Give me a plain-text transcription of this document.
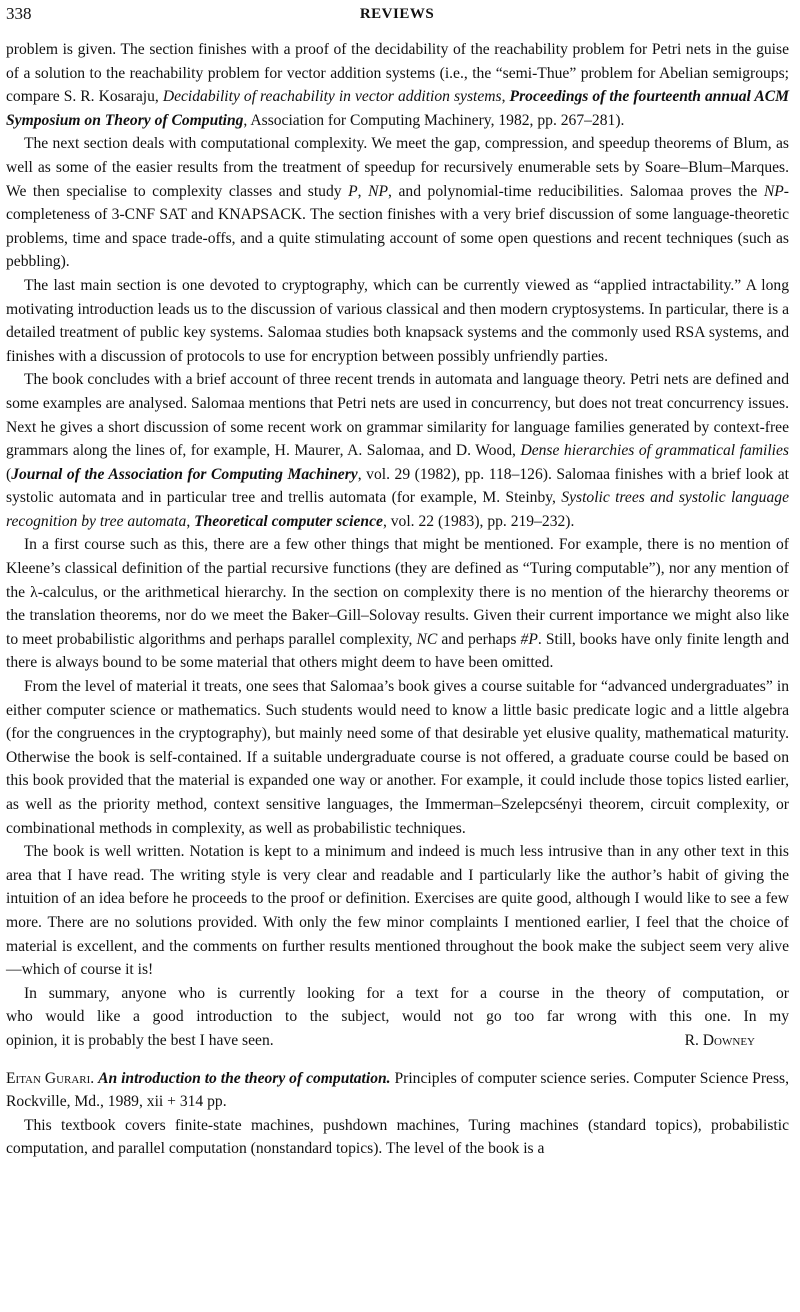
338	REVIEWS

problem is given. The section finishes with a proof of the decidability of the reachability problem for Petri nets in the guise of a solution to the reachability problem for vector addition systems (i.e., the “semi-Thue” problem for Abelian semigroups; compare S. R. Kosaraju, Decidability of reachability in vector addition systems, Proceedings of the fourteenth annual ACM Symposium on Theory of Computing, Association for Computing Machinery, 1982, pp. 267–281).

The next section deals with computational complexity. We meet the gap, compression, and speedup theorems of Blum, as well as some of the easier results from the treatment of speedup for recursively enumerable sets by Soare–Blum–Marques. We then specialise to complexity classes and study P, NP, and polynomial-time reducibilities. Salomaa proves the NP-completeness of 3-CNF SAT and KNAPSACK. The section finishes with a very brief discussion of some language-theoretic problems, time and space trade-offs, and a quite stimulating account of some open questions and recent techniques (such as pebbling).

The last main section is one devoted to cryptography, which can be currently viewed as “applied intractability.” A long motivating introduction leads us to the discussion of various classical and then modern cryptosystems. In particular, there is a detailed treatment of public key systems. Salomaa studies both knapsack systems and the commonly used RSA systems, and finishes with a discussion of protocols to use for encryption between possibly unfriendly parties.

The book concludes with a brief account of three recent trends in automata and language theory. Petri nets are defined and some examples are analysed. Salomaa mentions that Petri nets are used in concurrency, but does not treat concurrency issues. Next he gives a short discussion of some recent work on grammar similarity for language families generated by context-free grammars along the lines of, for example, H. Maurer, A. Salomaa, and D. Wood, Dense hierarchies of grammatical families (Journal of the Association for Computing Machinery, vol. 29 (1982), pp. 118–126). Salomaa finishes with a brief look at systolic automata and in particular tree and trellis automata (for example, M. Steinby, Systolic trees and systolic language recognition by tree automata, Theoretical computer science, vol. 22 (1983), pp. 219–232).

In a first course such as this, there are a few other things that might be mentioned. For example, there is no mention of Kleene’s classical definition of the partial recursive functions (they are defined as “Turing computable”), nor any mention of the λ-calculus, or the arithmetical hierarchy. In the section on complexity there is no mention of the hierarchy theorems or the translation theorems, nor do we meet the Baker–Gill–Solovay results. Given their current importance we might also like to meet probabilistic algorithms and perhaps parallel complexity, NC and perhaps #P. Still, books have only finite length and there is always bound to be some material that others might deem to have been omitted.

From the level of material it treats, one sees that Salomaa’s book gives a course suitable for “advanced undergraduates” in either computer science or mathematics. Such students would need to know a little basic predicate logic and a little algebra (for the congruences in the cryptography), but mainly need some of that desirable yet elusive quality, mathematical maturity. Otherwise the book is self-contained. If a suitable undergraduate course is not offered, a graduate course could be based on this book provided that the material is expanded one way or another. For example, it could include those topics listed earlier, as well as the priority method, context sensitive languages, the Immerman–Szelepcsényi theorem, circuit complexity, or combinational methods in complexity, as well as probabilistic techniques.

The book is well written. Notation is kept to a minimum and indeed is much less intrusive than in any other text in this area that I have read. The writing style is very clear and readable and I particularly like the author’s habit of giving the intuition of an idea before he proceeds to the proof or definition. Exercises are quite good, although I would like to see a few more. There are no solutions provided. With only the few minor complaints I mentioned earlier, I feel that the choice of material is excellent, and the comments on further results mentioned throughout the book make the subject seem very alive—which of course it is!

In summary, anyone who is currently looking for a text for a course in the theory of computation, or
who would like a good introduction to the subject, would not go too far wrong with this one. In my
opinion, it is probably the best I have seen.	R. Downey

Eitan Gurari. An introduction to the theory of computation. Principles of computer science series. Computer Science Press, Rockville, Md., 1989, xii + 314 pp.

This textbook covers finite-state machines, pushdown machines, Turing machines (standard topics), probabilistic computation, and parallel computation (nonstandard topics). The level of the book is a
